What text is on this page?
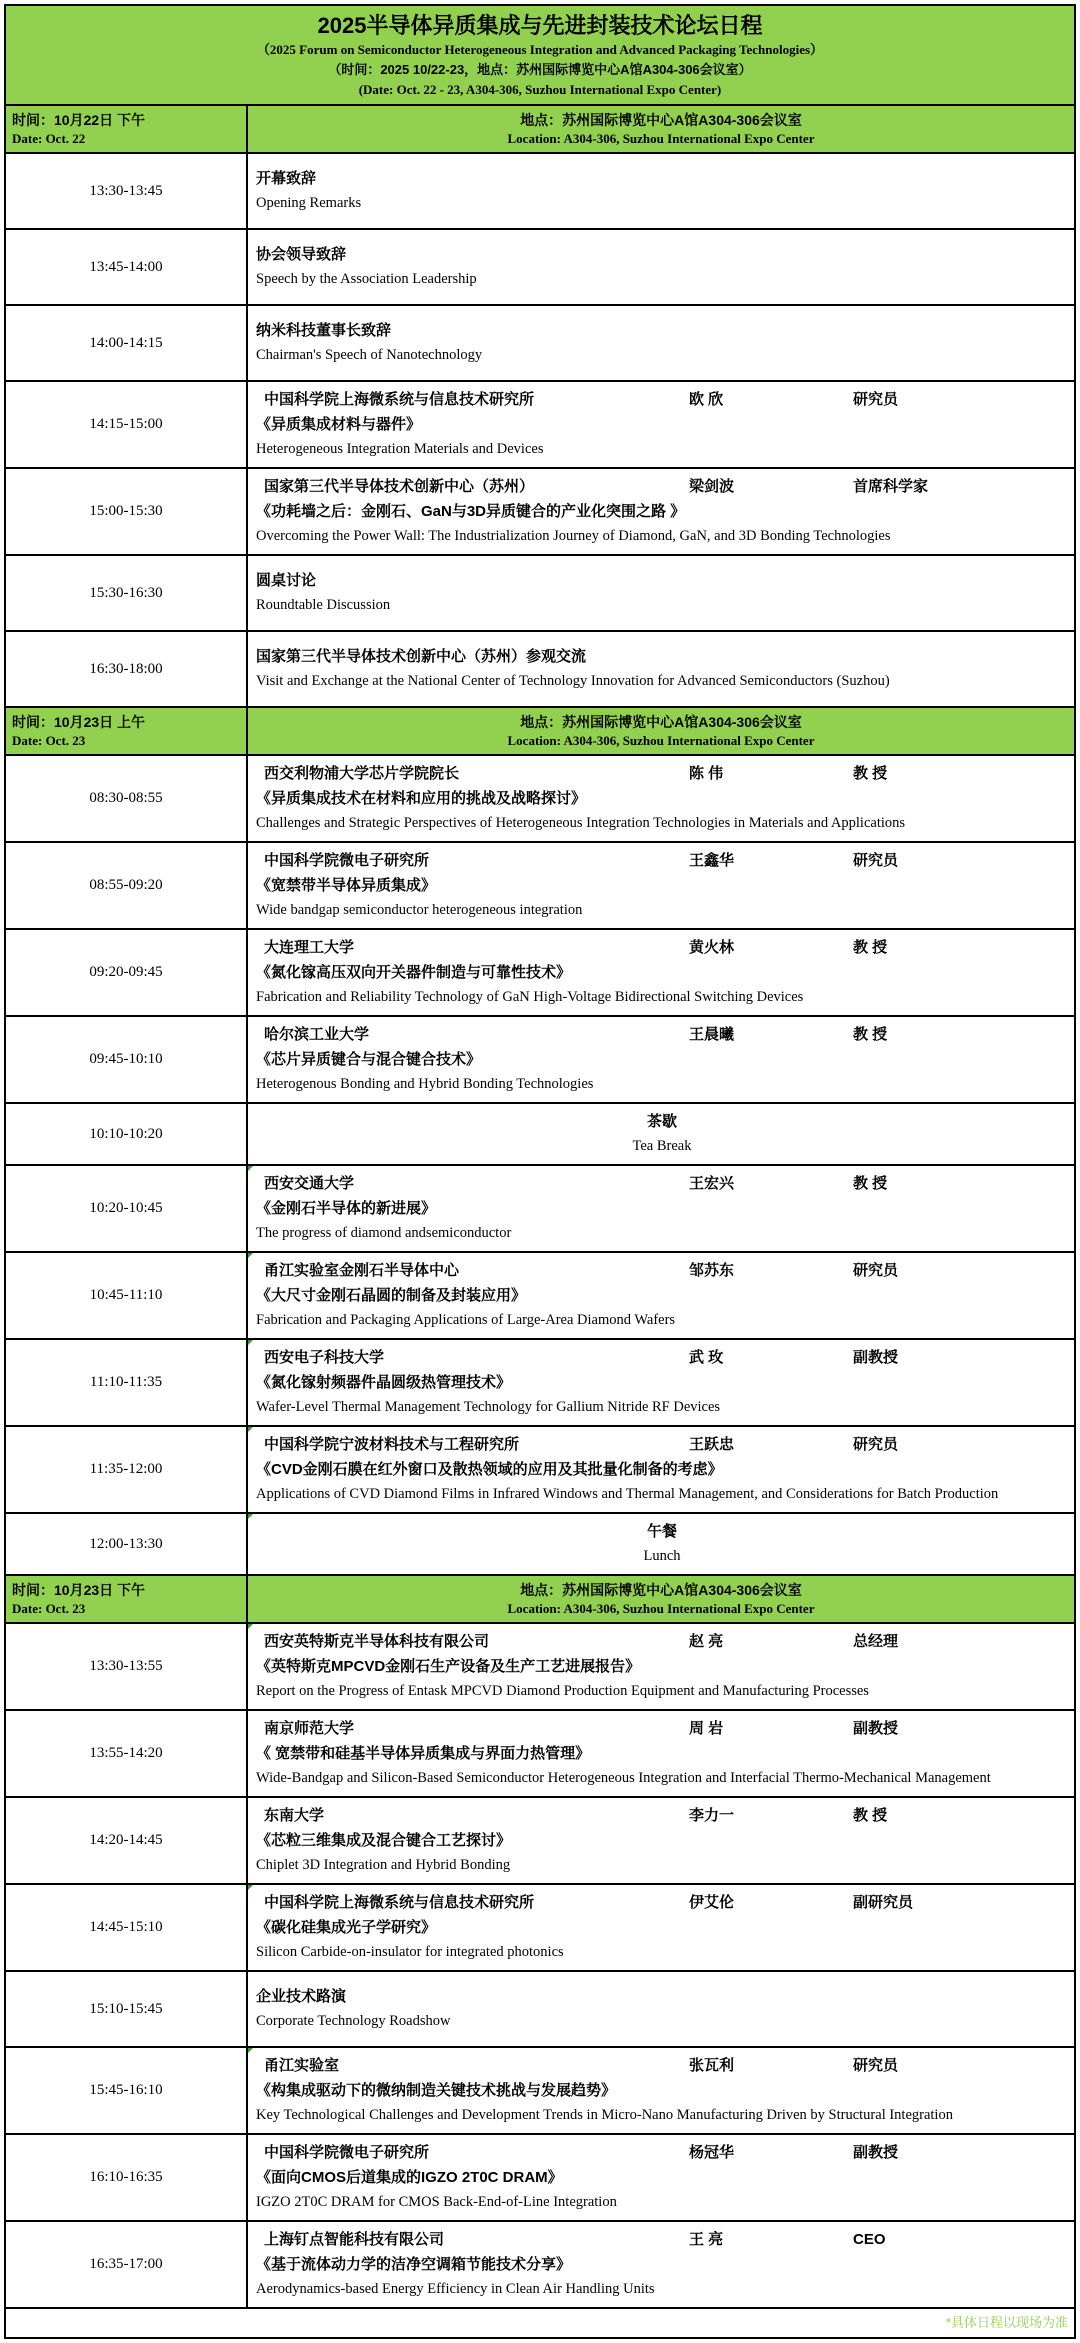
2025半导体异质集成与先进封装技术论坛日程
（2025 Forum on Semiconductor Heterogeneous Integration and Advanced Packaging Technologies）
（时间：2025 10/22-23，地点：苏州国际博览中心A馆A304-306会议室）
(Date: Oct. 22 - 23, A304-306, Suzhou International Expo Center)
时间：10月22日 下午
Date: Oct. 22
地点：苏州国际博览中心A馆A304-306会议室
Location: A304-306, Suzhou International Expo Center
13:30-13:45
开幕致辞
Opening Remarks
13:45-14:00
协会领导致辞
Speech by the Association Leadership
14:00-14:15
纳米科技董事长致辞
Chairman's Speech of Nanotechnology
14:15-15:00
中国科学院上海微系统与信息技术研究所	欧 欣	研究员
《异质集成材料与器件》
Heterogeneous Integration Materials and Devices
15:00-15:30
国家第三代半导体技术创新中心（苏州）	梁剑波	首席科学家
《功耗墙之后：金刚石、GaN与3D异质键合的产业化突围之路 》
Overcoming the Power Wall: The Industrialization Journey of Diamond, GaN, and 3D Bonding Technologies
15:30-16:30
圆桌讨论
Roundtable Discussion
16:30-18:00
国家第三代半导体技术创新中心（苏州）参观交流
Visit and Exchange at the National Center of Technology Innovation for Advanced Semiconductors (Suzhou)
时间：10月23日 上午
Date: Oct. 23
地点：苏州国际博览中心A馆A304-306会议室
Location: A304-306, Suzhou International Expo Center
08:30-08:55
西交利物浦大学芯片学院院长	陈 伟	教 授
《异质集成技术在材料和应用的挑战及战略探讨》
Challenges and Strategic Perspectives of Heterogeneous Integration Technologies in Materials and Applications
08:55-09:20
中国科学院微电子研究所	王鑫华	研究员
《宽禁带半导体异质集成》
Wide bandgap semiconductor heterogeneous integration
09:20-09:45
大连理工大学	黄火林	教 授
《氮化镓高压双向开关器件制造与可靠性技术》
Fabrication and Reliability Technology of GaN High-Voltage Bidirectional Switching Devices
09:45-10:10
哈尔滨工业大学	王晨曦	教 授
《芯片异质键合与混合键合技术》
Heterogenous Bonding and Hybrid Bonding Technologies
10:10-10:20
茶歇
Tea Break
10:20-10:45
西安交通大学	王宏兴	教 授
《金刚石半导体的新进展》
The progress of diamond andsemiconductor
10:45-11:10
甬江实验室金刚石半导体中心	邹苏东	研究员
《大尺寸金刚石晶圆的制备及封装应用》
Fabrication and Packaging Applications of Large-Area Diamond Wafers
11:10-11:35
西安电子科技大学	武 玫	副教授
《氮化镓射频器件晶圆级热管理技术》
Wafer-Level Thermal Management Technology for Gallium Nitride RF Devices
11:35-12:00
中国科学院宁波材料技术与工程研究所	王跃忠	研究员
《CVD金刚石膜在红外窗口及散热领域的应用及其批量化制备的考虑》
Applications of CVD Diamond Films in Infrared Windows and Thermal Management, and Considerations for Batch Production
12:00-13:30
午餐
Lunch
时间：10月23日 下午
Date: Oct. 23
地点：苏州国际博览中心A馆A304-306会议室
Location: A304-306, Suzhou International Expo Center
13:30-13:55
西安英特斯克半导体科技有限公司	赵 亮	总经理
《英特斯克MPCVD金刚石生产设备及生产工艺进展报告》
Report on the Progress of Entask MPCVD Diamond Production Equipment and Manufacturing Processes
13:55-14:20
南京师范大学	周 岩	副教授
《 宽禁带和硅基半导体异质集成与界面力热管理》
Wide-Bandgap and Silicon-Based Semiconductor Heterogeneous Integration and Interfacial Thermo-Mechanical Management
14:20-14:45
东南大学	李力一	教 授
《芯粒三维集成及混合键合工艺探讨》
Chiplet 3D Integration and Hybrid Bonding
14:45-15:10
中国科学院上海微系统与信息技术研究所	伊艾伦	副研究员
《碳化硅集成光子学研究》
Silicon Carbide-on-insulator for integrated photonics
15:10-15:45
企业技术路演
Corporate Technology Roadshow
15:45-16:10
甬江实验室	张瓦利	研究员
《构集成驱动下的微纳制造关键技术挑战与发展趋势》
Key Technological Challenges and Development Trends in Micro-Nano Manufacturing Driven by Structural Integration
16:10-16:35
中国科学院微电子研究所	杨冠华	副教授
《面向CMOS后道集成的IGZO 2T0C DRAM》
IGZO 2T0C DRAM for CMOS Back-End-of-Line Integration
16:35-17:00
上海钉点智能科技有限公司	王 亮	CEO
《基于流体动力学的洁净空调箱节能技术分享》
Aerodynamics-based Energy Efficiency in Clean Air Handling Units
*具体日程以现场为准
